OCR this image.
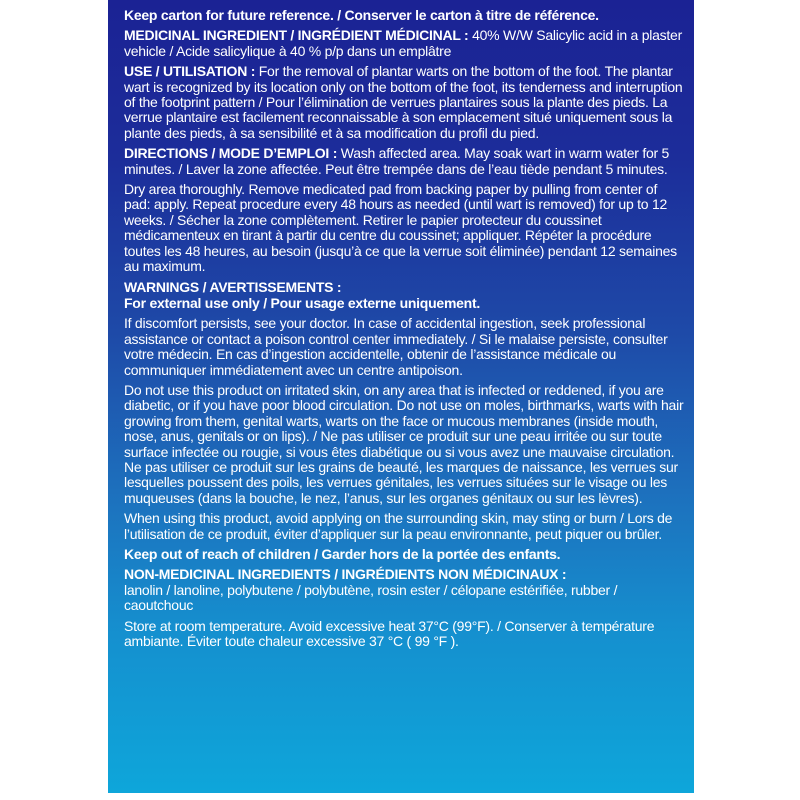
Keep carton for future reference. / Conserver le carton à titre de référence.
MEDICINAL INGREDIENT / INGRÉDIENT MÉDICINAL : 40% W/W Salicylic acid in a plaster vehicle / Acide salicylique à 40 % p/p dans un emplâtre
USE / UTILISATION : For the removal of plantar warts on the bottom of the foot. The plantar wart is recognized by its location only on the bottom of the foot, its tenderness and interruption of the footprint pattern / Pour l’élimination de verrues plantaires sous la plante des pieds. La verrue plantaire est facilement reconnaissable à son emplacement situé uniquement sous la plante des pieds, à sa sensibilité et à sa modification du profil du pied.
DIRECTIONS / MODE D’EMPLOI : Wash affected area. May soak wart in warm water for 5 minutes. / Laver la zone affectée. Peut être trempée dans de l’eau tiède pendant 5 minutes.
Dry area thoroughly. Remove medicated pad from backing paper by pulling from center of pad: apply. Repeat procedure every 48 hours as needed (until wart is removed) for up to 12 weeks. / Sécher la zone complètement. Retirer le papier protecteur du coussinet médicamenteux en tirant à partir du centre du coussinet; appliquer. Répéter la procédure toutes les 48 heures, au besoin (jusqu’à ce que la verrue soit éliminée) pendant 12 semaines au maximum.
WARNINGS / AVERTISSEMENTS :
For external use only / Pour usage externe uniquement.
If discomfort persists, see your doctor. In case of accidental ingestion, seek professional assistance or contact a poison control center immediately. / Si le malaise persiste, consulter votre médecin. En cas d’ingestion accidentelle, obtenir de l’assistance médicale ou communiquer immédiatement avec un centre antipoison.
Do not use this product on irritated skin, on any area that is infected or reddened, if you are diabetic, or if you have poor blood circulation. Do not use on moles, birthmarks, warts with hair growing from them, genital warts, warts on the face or mucous membranes (inside mouth, nose, anus, genitals or on lips). / Ne pas utiliser ce produit sur une peau irritée ou sur toute surface infectée ou rougie, si vous êtes diabétique ou si vous avez une mauvaise circulation. Ne pas utiliser ce produit sur les grains de beauté, les marques de naissance, les verrues sur lesquelles poussent des poils, les verrues génitales, les verrues situées sur le visage ou les muqueuses (dans la bouche, le nez, l’anus, sur les organes génitaux ou sur les lèvres).
When using this product, avoid applying on the surrounding skin, may sting or burn / Lors de l’utilisation de ce produit, éviter d’appliquer sur la peau environnante, peut piquer ou brûler.
Keep out of reach of children / Garder hors de la portée des enfants.
NON-MEDICINAL INGREDIENTS / INGRÉDIENTS NON MÉDICINAUX :
lanolin / lanoline, polybutene / polybutène, rosin ester / célopane estérifiée, rubber / caoutchouc
Store at room temperature. Avoid excessive heat 37°C (99°F). / Conserver à température ambiante. Éviter toute chaleur excessive 37 °C ( 99 °F ).
